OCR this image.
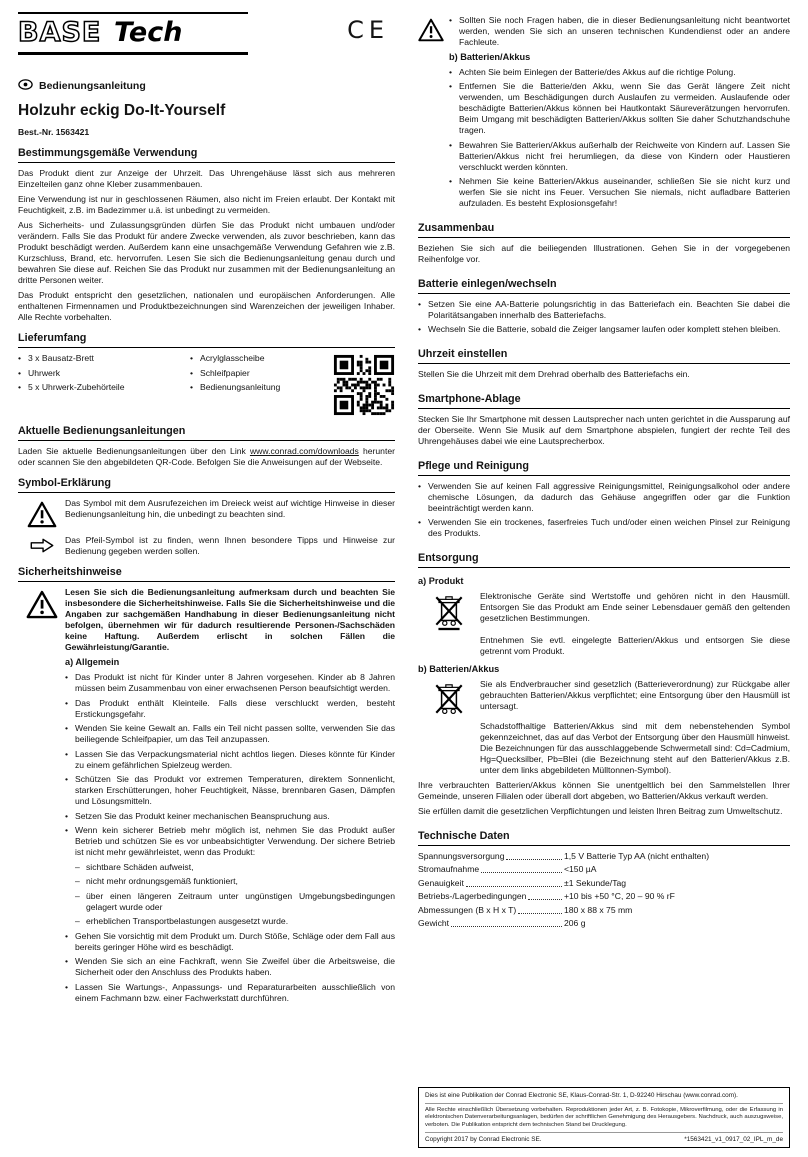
BASE Tech	CE
Bedienungsanleitung
Holzuhr eckig Do-It-Yourself
Best.-Nr. 1563421
Bestimmungsgemäße Verwendung

Das Produkt dient zur Anzeige der Uhrzeit. Das Uhrengehäuse lässt sich aus mehreren Einzelteilen ganz ohne Kleber zusammenbauen.

Eine Verwendung ist nur in geschlossenen Räumen, also nicht im Freien erlaubt. Der Kontakt mit Feuchtigkeit, z.B. im Badezimmer u.ä. ist unbedingt zu vermeiden.

Aus Sicherheits- und Zulassungsgründen dürfen Sie das Produkt nicht umbauen und/oder verändern. Falls Sie das Produkt für andere Zwecke verwenden, als zuvor beschrieben, kann das Produkt beschädigt werden. Außerdem kann eine unsachgemäße Verwendung Gefahren wie z.B. Kurzschluss, Brand, etc. hervorrufen. Lesen Sie sich die Bedienungsanleitung genau durch und bewahren Sie diese auf. Reichen Sie das Produkt nur zusammen mit der Bedienungsanleitung an dritte Personen weiter.

Das Produkt entspricht den gesetzlichen, nationalen und europäischen Anforderungen. Alle enthaltenen Firmennamen und Produktbezeichnungen sind Warenzeichen der jeweiligen Inhaber. Alle Rechte vorbehalten.

Lieferumfang
• 3 x Bausatz-Brett
• Uhrwerk
• 5 x Uhrwerk-Zubehörteile
• Acrylglasscheibe
• Schleifpapier
• Bedienungsanleitung
Aktuelle Bedienungsanleitungen

Laden Sie aktuelle Bedienungsanleitungen über den Link www.conrad.com/downloads herunter oder scannen Sie den abgebildeten QR-Code. Befolgen Sie die Anweisungen auf der Webseite.

Symbol-Erklärung

Das Symbol mit dem Ausrufezeichen im Dreieck weist auf wichtige Hinweise in dieser Bedienungsanleitung hin, die unbedingt zu beachten sind.

Das Pfeil-Symbol ist zu finden, wenn Ihnen besondere Tipps und Hinweise zur Bedienung gegeben werden sollen.

Sicherheitshinweise

Lesen Sie sich die Bedienungsanleitung aufmerksam durch und beachten Sie insbesondere die Sicherheitshinweise. Falls Sie die Sicherheitshinweise und die Angaben zur sachgemäßen Handhabung in dieser Bedienungsanleitung nicht befolgen, übernehmen wir für dadurch resultierende Personen-/Sachschäden keine Haftung. Außerdem erlischt in solchen Fällen die Gewährleistung/Garantie.

a) Allgemein
• Das Produkt ist nicht für Kinder unter 8 Jahren vorgesehen. Kinder ab 8 Jahren müssen beim Zusammenbau von einer erwachsenen Person beaufsichtigt werden.
• Das Produkt enthält Kleinteile. Falls diese verschluckt werden, besteht Erstickungsgefahr.
• Wenden Sie keine Gewalt an. Falls ein Teil nicht passen sollte, verwenden Sie das beiliegende Schleifpapier, um das Teil anzupassen.
• Lassen Sie das Verpackungsmaterial nicht achtlos liegen. Dieses könnte für Kinder zu einem gefährlichen Spielzeug werden.
• Schützen Sie das Produkt vor extremen Temperaturen, direktem Sonnenlicht, starken Erschütterungen, hoher Feuchtigkeit, Nässe, brennbaren Gasen, Dämpfen und Lösungsmitteln.
• Setzen Sie das Produkt keiner mechanischen Beanspruchung aus.
• Wenn kein sicherer Betrieb mehr möglich ist, nehmen Sie das Produkt außer Betrieb und schützen Sie es vor unbeabsichtigter Verwendung. Der sichere Betrieb ist nicht mehr gewährleistet, wenn das Produkt:
– sichtbare Schäden aufweist,
– nicht mehr ordnungsgemäß funktioniert,
– über einen längeren Zeitraum unter ungünstigen Umgebungsbedingungen gelagert wurde oder
– erheblichen Transportbelastungen ausgesetzt wurde.
• Gehen Sie vorsichtig mit dem Produkt um. Durch Stöße, Schläge oder dem Fall aus bereits geringer Höhe wird es beschädigt.
• Wenden Sie sich an eine Fachkraft, wenn Sie Zweifel über die Arbeitsweise, die Sicherheit oder den Anschluss des Produkts haben.
• Lassen Sie Wartungs-, Anpassungs- und Reparaturarbeiten ausschließlich von einem Fachmann bzw. einer Fachwerkstatt durchführen.
• Sollten Sie noch Fragen haben, die in dieser Bedienungsanleitung nicht beantwortet werden, wenden Sie sich an unseren technischen Kundendienst oder an andere Fachleute.
b) Batterien/Akkus
• Achten Sie beim Einlegen der Batterie/des Akkus auf die richtige Polung.
• Entfernen Sie die Batterie/den Akku, wenn Sie das Gerät längere Zeit nicht verwenden, um Beschädigungen durch Auslaufen zu vermeiden. Auslaufende oder beschädigte Batterien/Akkus können bei Hautkontakt Säureverätzungen hervorrufen. Beim Umgang mit beschädigten Batterien/Akkus sollten Sie daher Schutzhandschuhe tragen.
• Bewahren Sie Batterien/Akkus außerhalb der Reichweite von Kindern auf. Lassen Sie Batterien/Akkus nicht frei herumliegen, da diese von Kindern oder Haustieren verschluckt werden könnten.
• Nehmen Sie keine Batterien/Akkus auseinander, schließen Sie sie nicht kurz und werfen Sie sie nicht ins Feuer. Versuchen Sie niemals, nicht aufladbare Batterien aufzuladen. Es besteht Explosionsgefahr!
Zusammenbau

Beziehen Sie sich auf die beiliegenden Illustrationen. Gehen Sie in der vorgegebenen Reihenfolge vor.

Batterie einlegen/wechseln
• Setzen Sie eine AA-Batterie polungsrichtig in das Batteriefach ein. Beachten Sie dabei die Polaritätsangaben innerhalb des Batteriefachs.
• Wechseln Sie die Batterie, sobald die Zeiger langsamer laufen oder komplett stehen bleiben.
Uhrzeit einstellen

Stellen Sie die Uhrzeit mit dem Drehrad oberhalb des Batteriefachs ein.

Smartphone-Ablage

Stecken Sie Ihr Smartphone mit dessen Lautsprecher nach unten gerichtet in die Aussparung auf der Oberseite. Wenn Sie Musik auf dem Smartphone abspielen, fungiert der rechte Teil des Uhrengehäuses dabei wie eine Lautsprecherbox.

Pflege und Reinigung
• Verwenden Sie auf keinen Fall aggressive Reinigungsmittel, Reinigungsalkohol oder andere chemische Lösungen, da dadurch das Gehäuse angegriffen oder gar die Funktion beeinträchtigt werden kann.
• Verwenden Sie ein trockenes, faserfreies Tuch und/oder einen weichen Pinsel zur Reinigung des Produkts.
Entsorgung
a) Produkt

Elektronische Geräte sind Wertstoffe und gehören nicht in den Hausmüll. Entsorgen Sie das Produkt am Ende seiner Lebensdauer gemäß den geltenden gesetzlichen Bestimmungen.

Entnehmen Sie evtl. eingelegte Batterien/Akkus und entsorgen Sie diese getrennt vom Produkt.

b) Batterien/Akkus

Sie als Endverbraucher sind gesetzlich (Batterieverordnung) zur Rückgabe aller gebrauchten Batterien/Akkus verpflichtet; eine Entsorgung über den Hausmüll ist untersagt.

Schadstoffhaltige Batterien/Akkus sind mit dem nebenstehenden Symbol gekennzeichnet, das auf das Verbot der Entsorgung über den Hausmüll hinweist. Die Bezeichnungen für das ausschlaggebende Schwermetall sind: Cd=Cadmium, Hg=Quecksilber, Pb=Blei (die Bezeichnung steht auf den Batterien/Akkus z.B. unter dem links abgebildeten Mülltonnen-Symbol).

Ihre verbrauchten Batterien/Akkus können Sie unentgeltlich bei den Sammelstellen Ihrer Gemeinde, unseren Filialen oder überall dort abgeben, wo Batterien/Akkus verkauft werden.

Sie erfüllen damit die gesetzlichen Verpflichtungen und leisten Ihren Beitrag zum Umweltschutz.

Technische Daten
Spannungsversorgung	1,5 V Batterie Typ AA (nicht enthalten)
Stromaufnahme	<150 µA
Genauigkeit	±1 Sekunde/Tag
Betriebs-/Lagerbedingungen	+10 bis +50 °C, 20 – 90 % rF
Abmessungen (B x H x T)	180 x 88 x 75 mm
Gewicht	206 g
Dies ist eine Publikation der Conrad Electronic SE, Klaus-Conrad-Str. 1, D-92240 Hirschau (www.conrad.com).
Alle Rechte einschließlich Übersetzung vorbehalten. Reproduktionen jeder Art, z. B. Fotokopie, Mikroverfilmung, oder die Erfassung in elektronischen Datenverarbeitungsanlagen, bedürfen der schriftlichen Genehmigung des Herausgebers. Nachdruck, auch auszugsweise, verboten. Die Publikation entspricht dem technischen Stand bei Drucklegung.
Copyright 2017 by Conrad Electronic SE.	*1563421_v1_0917_02_IPL_m_de
